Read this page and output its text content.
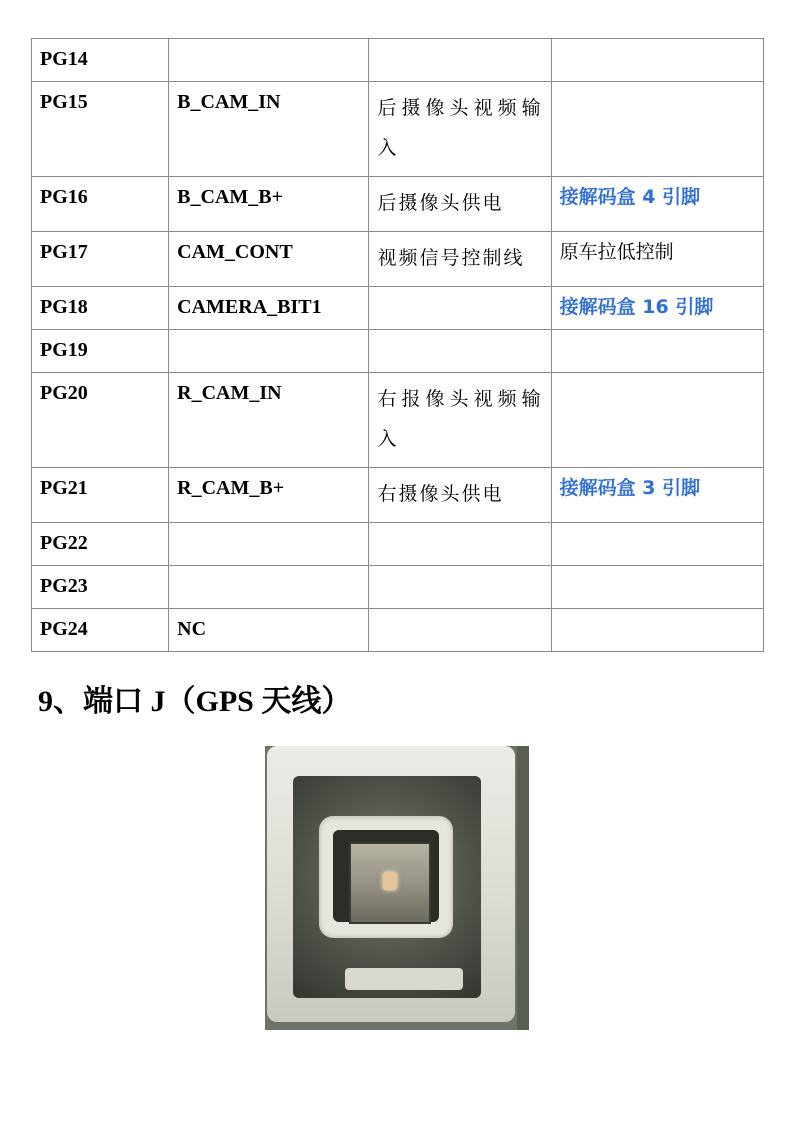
PG14			
PG15	B_CAM_IN	后摄像头视频输入	
PG16	B_CAM_B+	后摄像头供电	接解码盒 4 引脚
PG17	CAM_CONT	视频信号控制线	原车拉低控制
PG18	CAMERA_BIT1		接解码盒 16 引脚
PG19			
PG20	R_CAM_IN	右报像头视频输入	
PG21	R_CAM_B+	右摄像头供电	接解码盒 3 引脚
PG22			
PG23			
PG24	NC		
9、端口 J（GPS 天线）
